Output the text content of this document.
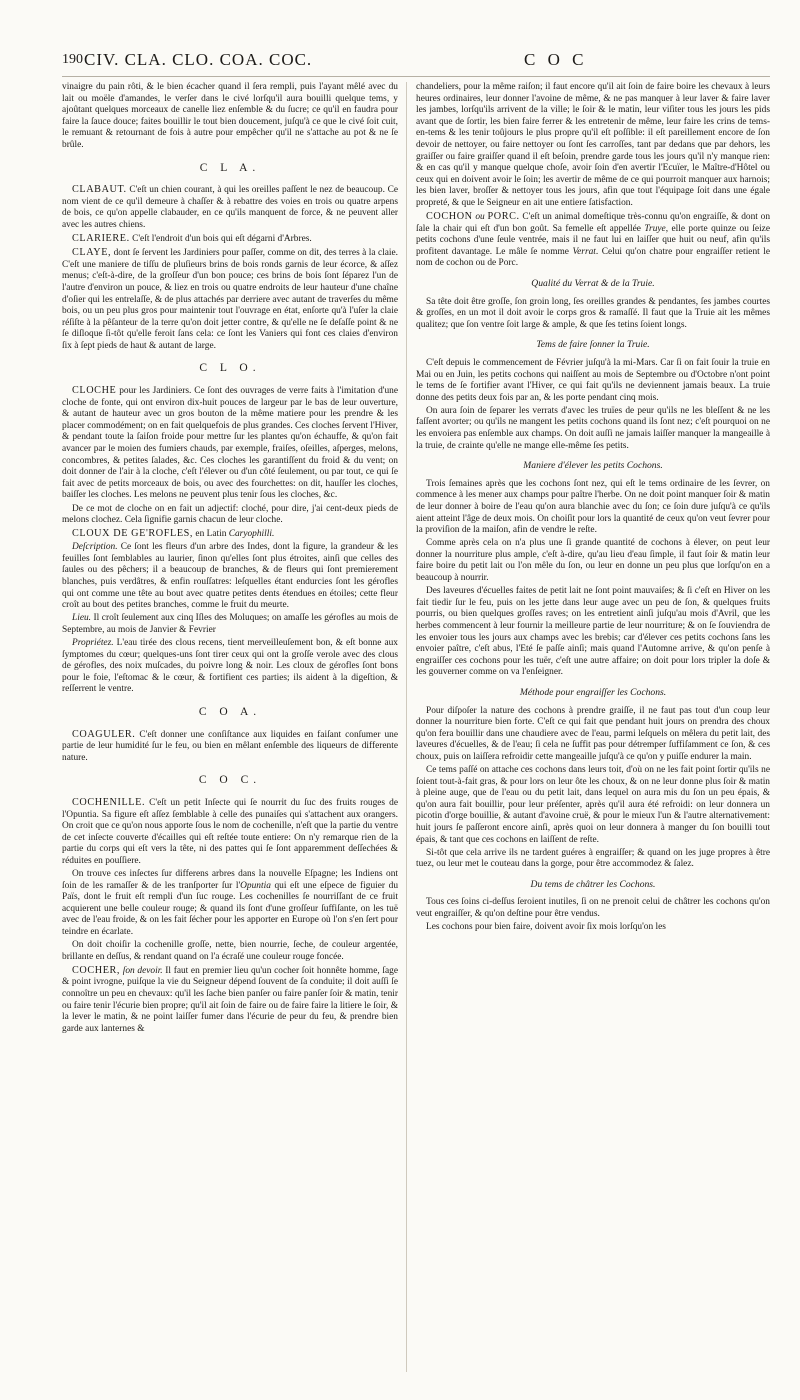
190 CIV. CLA. CLO. COA. COC.	C O C

vinaigre du pain rôti, & le bien écacher quand il ſera rempli, puis l'ayant mêlé avec du lait ou moële d'amandes, le verſer dans le civé lorſqu'il aura bouilli quelque tems, y ajoûtant quelques morceaux de canelle liez enſemble & du ſucre; ce qu'il en faudra pour faire la ſauce douce; faites bouillir le tout bien doucement, juſqu'à ce que le civé ſoit cuit, le remuant & retournant de fois à autre pour empêcher qu'il ne s'attache au pot & ne ſe brûle.

C L A.

CLABAUT. C'eſt un chien courant, à qui les oreilles paſſent le nez de beaucoup. Ce nom vient de ce qu'il demeure à chaſſer & à rebattre des voies en trois ou quatre arpens de bois, ce qu'on appelle clabauder, en ce qu'ils manquent de force, & ne peuvent aller avec les autres chiens.

CLARIERE. C'eſt l'endroit d'un bois qui eſt dégarni d'Arbres.

CLAYE, dont ſe ſervent les Jardiniers pour paſſer, comme on dit, des terres à la claie. C'eſt une maniere de tiſſu de pluſieurs brins de bois ronds garnis de leur écorce, & aſſez menus; c'eſt-à-dire, de la groſſeur d'un bon pouce; ces brins de bois ſont ſéparez l'un de l'autre d'environ un pouce, & liez en trois ou quatre endroits de leur hauteur d'une chaîne d'oſier qui les entrelaſſe, & de plus attachés par derriere avec autant de traverſes du même bois, ou un peu plus gros pour maintenir tout l'ouvrage en état, enſorte qu'à l'uſer la claie réſiſte à la pêſanteur de la terre qu'on doit jetter contre, & qu'elle ne ſe deſaſſe point & ne ſe diſloque ſi-tôt qu'elle feroit ſans cela: ce ſont les Vaniers qui font ces claies d'environ ſix à ſept pieds de haut & autant de large.

C L O.

CLOCHE pour les Jardiniers. Ce ſont des ouvrages de verre faits à l'imitation d'une cloche de fonte, qui ont environ dix-huit pouces de largeur par le bas de leur ouverture, & autant de hauteur avec un gros bouton de la même matiere pour les prendre & les placer commodément; on en fait quelquefois de plus grandes. Ces cloches ſervent l'Hiver, & pendant toute la ſaiſon froide pour mettre ſur les plantes qu'on échauffe, & qu'on fait avancer par le moien des fumiers chauds, par exemple, fraiſes, oſeilles, aſperges, melons, concombres, & petites ſalades, &c. Ces cloches les garantiſſent du froid & du vent; on doit donner de l'air à la cloche, c'eſt l'élever ou d'un côté ſeulement, ou par tout, ce qui ſe fait avec de petits morceaux de bois, ou avec des fourchettes: on dit, hauſſer les cloches, baiſſer les cloches. Les melons ne peuvent plus tenir ſous les cloches, &c.

De ce mot de cloche on en fait un adjectif: cloché, pour dire, j'ai cent-deux pieds de melons clochez. Cela ſignifie garnis chacun de leur cloche.

CLOUX DE GE'ROFLES, en Latin Caryophilli.

Deſcription. Ce ſont les fleurs d'un arbre des Indes, dont la figure, la grandeur & les feuilles ſont ſemblables au laurier, ſinon qu'elles ſont plus étroites, ainſi que celles des ſaules ou des pêchers; il a beaucoup de branches, & de fleurs qui ſont premierement blanches, puis verdâtres, & enfin rouſſatres: leſquelles étant endurcies ſont les gérofles qui ont comme une tête au bout avec quatre petites dents étendues en étoiles; cette fleur croît au bout des petites branches, comme le fruit du meurte.

Lieu. Il croît ſeulement aux cinq Iſles des Moluques; on amaſſe les gérofles au mois de Septembre, au mois de Janvier & Fevrier

Propriétez. L'eau tirée des clous recens, tient merveilleuſement bon, & eſt bonne aux ſymptomes du cœur; quelques-uns ſont tirer ceux qui ont la groſſe verole avec des clous de gérofles, des noix muſcades, du poivre long & noir. Les cloux de gérofles ſont bons pour le foie, l'eſtomac & le cœur, & fortifient ces parties; ils aident à la digeſtion, & reſſerrent le ventre.

C O A.

COAGULER. C'eſt donner une conſiſtance aux liquides en faiſant conſumer une partie de leur humidité ſur le feu, ou bien en mêlant enſemble des liqueurs de differente nature.

C O C.

COCHENILLE. C'eſt un petit Inſecte qui ſe nourrit du ſuc des fruits rouges de l'Opuntia. Sa figure eſt aſſez ſemblable à celle des punaiſes qui s'attachent aux orangers. On croit que ce qu'on nous apporte ſous le nom de cochenille, n'eſt que la partie du ventre de cet inſecte couverte d'écailles qui eſt reſtée toute entiere: On n'y remarque rien de la partie du corps qui eſt vers la tête, ni des pattes qui ſe ſont apparemment deſſechées & réduites en pouſſiere.

On trouve ces inſectes ſur differens arbres dans la nouvelle Eſpagne; les Indiens ont ſoin de les ramaſſer & de les tranſporter ſur l'Opuntia qui eſt une eſpece de figuier du Païs, dont le fruit eſt rempli d'un ſuc rouge. Les cochenilles ſe nourriſſant de ce fruit acquierent une belle couleur rouge; & quand ils ſont d'une groſſeur ſuffiſante, on les tuë avec de l'eau froide, & on les fait ſécher pour les apporter en Europe où l'on s'en ſert pour teindre en écarlate.

On doit choiſir la cochenille groſſe, nette, bien nourrie, ſeche, de couleur argentée, brillante en deſſus, & rendant quand on l'a écraſé une couleur rouge foncée.

COCHER, ſon devoir. Il faut en premier lieu qu'un cocher ſoit honnête homme, ſage & point ivrogne, puiſque la vie du Seigneur dépend ſouvent de ſa conduite; il doit auſſi ſe connoître un peu en chevaux: qu'il les ſache bien panſer ou faire panſer ſoir & matin, tenir ou faire tenir l'écurie bien propre; qu'il ait ſoin de faire ou de faire faire la litiere le ſoir, & la lever le matin, & ne point laiſſer fumer dans l'écurie de peur du feu, & prendre bien garde aux lanternes &

chandeliers, pour la même raiſon; il faut encore qu'il ait ſoin de faire boire les chevaux à leurs heures ordinaires, leur donner l'avoine de même, & ne pas manquer à leur laver & faire laver les jambes, lorſqu'ils arrivent de la ville; le ſoir & le matin, leur viſiter tous les jours les pids avant que de ſortir, les bien faire ferrer & les entretenir de même, leur faire les crins de tems-en-tems & les tenir toûjours le plus propre qu'il eſt poſſible: il eſt pareillement encore de ſon devoir de nettoyer, ou faire nettoyer ou ſont ſes carroſſes, tant par dedans que par dehors, les graiſſer ou faire graiſſer quand il eſt beſoin, prendre garde tous les jours qu'il n'y manque rien: & en cas qu'il y manque quelque choſe, avoir ſoin d'en avertir l'Ecuïer, le Maître-d'Hôtel ou ceux qui en doivent avoir le ſoin; les avertir de même de ce qui pourroit manquer aux harnois; les bien laver, broſſer & nettoyer tous les jours, afin que tout l'équipage ſoit dans une égale propreté, & que le Seigneur en ait une entiere ſatisfaction.

COCHON ou PORC. C'eſt un animal domeſtique très-connu qu'on engraiſſe, & dont on ſale la chair qui eſt d'un bon goût. Sa femelle eſt appellée Truye, elle porte quinze ou ſeize petits cochons d'une ſeule ventrée, mais il ne faut lui en laiſſer que huit ou neuf, afin qu'ils profitent davantage. Le mâle ſe nomme Verrat. Celui qu'on chatre pour engraiſſer retient le nom de cochon ou de Porc.

Qualité du Verrat & de la Truie.

Sa tête doit être groſſe, ſon groin long, ſes oreilles grandes & pendantes, ſes jambes courtes & groſſes, en un mot il doit avoir le corps gros & ramaſſé. Il faut que la Truie ait les mêmes qualitez; que ſon ventre ſoit large & ample, & que ſes tetins ſoient longs.

Tems de faire ſonner la Truie.

C'eſt depuis le commencement de Février juſqu'à la mi-Mars. Car ſi on fait ſouir la truie en Mai ou en Juin, les petits cochons qui naiſſent au mois de Septembre ou d'Octobre n'ont point le tems de ſe fortifier avant l'Hiver, ce qui fait qu'ils ne deviennent jamais beaux. La truie donne des petits deux fois par an, & les porte pendant cinq mois.

On aura ſoin de ſeparer les verrats d'avec les truïes de peur qu'ils ne les bleſſent & ne les faſſent avorter; ou qu'ils ne mangent les petits cochons quand ils ſont nez; c'eſt pourquoi on ne les envoiera pas enſemble aux champs. On doit auſſi ne jamais laiſſer manquer la mangeaille à la truie, de crainte qu'elle ne mange elle-même ſes petits.

Maniere d'élever les petits Cochons.

Trois ſemaines après que les cochons ſont nez, qui eſt le tems ordinaire de les ſevrer, on commence à les mener aux champs pour paître l'herbe. On ne doit point manquer ſoir & matin de leur donner à boire de l'eau qu'on aura blanchie avec du ſon; ce ſoin dure juſqu'à ce qu'ils aient atteint l'âge de deux mois. On choiſit pour lors la quantité de ceux qu'on veut ſevrer pour la proviſion de la maiſon, afin de vendre le reſte.

Comme après cela on n'a plus une ſi grande quantité de cochons à élever, on peut leur donner la nourriture plus ample, c'eſt à-dire, qu'au lieu d'eau ſimple, il faut ſoir & matin leur faire boire du petit lait ou l'on mêle du ſon, ou leur en donne un peu plus que lorſqu'on en a beaucoup à nourrir.

Des laveures d'écuelles faites de petit lait ne ſont point mauvaiſes; & ſi c'eſt en Hiver on les fait tiedir ſur le feu, puis on les jette dans leur auge avec un peu de ſon, & quelques fruits pourris, ou bien quelques groſſes raves; on les entretient ainſi juſqu'au mois d'Avril, que les herbes commencent à leur fournir la meilleure partie de leur nourriture; & on ſe ſouviendra de les envoier tous les jours aux champs avec les brebis; car d'élever ces petits cochons ſans les envoier paître, c'eſt abus, l'Eté ſe paſſe ainſi; mais quand l'Automne arrive, & qu'on penſe à engraiſſer ces cochons pour les tuër, c'eſt une autre affaire; on doit pour lors tripler la doſe & les gouverner comme on va l'enſeigner.

Méthode pour engraiſſer les Cochons.

Pour diſpoſer la nature des cochons à prendre graiſſe, il ne faut pas tout d'un coup leur donner la nourriture bien forte. C'eſt ce qui fait que pendant huit jours on prendra des choux qu'on fera bouillir dans une chaudiere avec de l'eau, parmi leſquels on mêlera du petit lait, des laveures d'écuelles, & de l'eau; ſi cela ne ſuffit pas pour détremper ſuffiſamment ce ſon, & ces choux, puis on laiſſera refroidir cette mangeaille juſqu'à ce qu'on y puiſſe endurer la main.

Ce tems paſſé on attache ces cochons dans leurs toit, d'où on ne les fait point ſortir qu'ils ne ſoient tout-à-fait gras, & pour lors on leur ôte les choux, & on ne leur donne plus ſoir & matin à pleine auge, que de l'eau ou du petit lait, dans lequel on aura mis du ſon un peu épais, & qu'on aura fait bouillir, pour leur préſenter, après qu'il aura été refroidi: on leur donnera un picotin d'orge bouillie, & autant d'avoine cruë, & pour le mieux l'un & l'autre alternativement: huit jours ſe paſſeront encore ainſi, après quoi on leur donnera à manger du ſon bouilli tout épais, & tant que ces cochons en laiſſent de reſte.

Si-tôt que cela arrive ils ne tardent guéres à engraiſſer; & quand on les juge propres à être tuez, ou leur met le couteau dans la gorge, pour être accommodez & ſalez.

Du tems de châtrer les Cochons.

Tous ces ſoins ci-deſſus ſeroient inutiles, ſi on ne prenoit celui de châtrer les cochons qu'on veut engraiſſer, & qu'on deſtine pour être vendus.

Les cochons pour bien faire, doivent avoir ſix mois lorſqu'on les
